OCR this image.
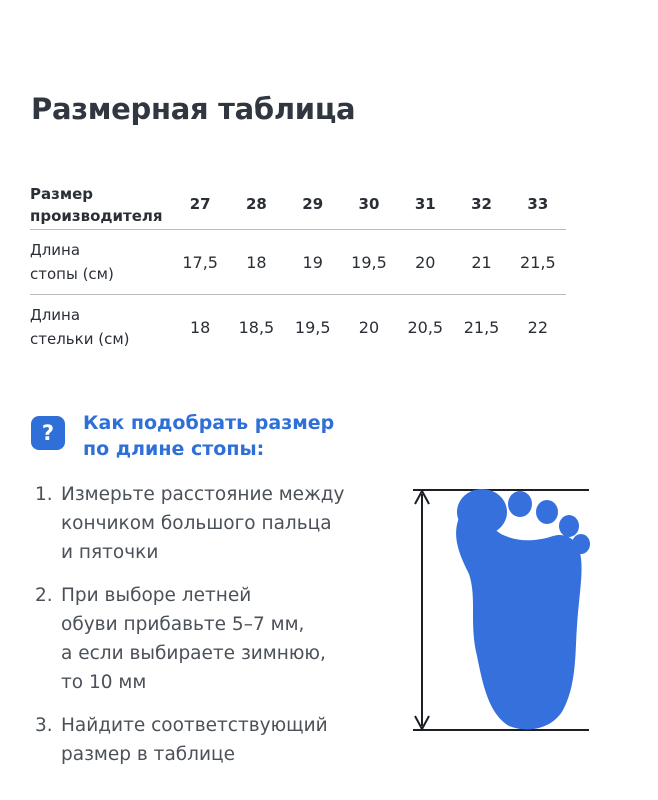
Размерная таблица
Размер
производителя	27	28	29	30	31	32	33
Длина
стопы (см)	17,5	18	19	19,5	20	21	21,5
Длина
стельки (см)	18	18,5	19,5	20	20,5	21,5	22
?	Как подобрать размер
по длине стопы:
1. Измерьте расстояние между
кончиком большого пальца
и пяточки
2. При выборе летней
обуви прибавьте 5–7 мм,
а если выбираете зимнюю,
то 10 мм
3. Найдите соответствующий
размер в таблице
